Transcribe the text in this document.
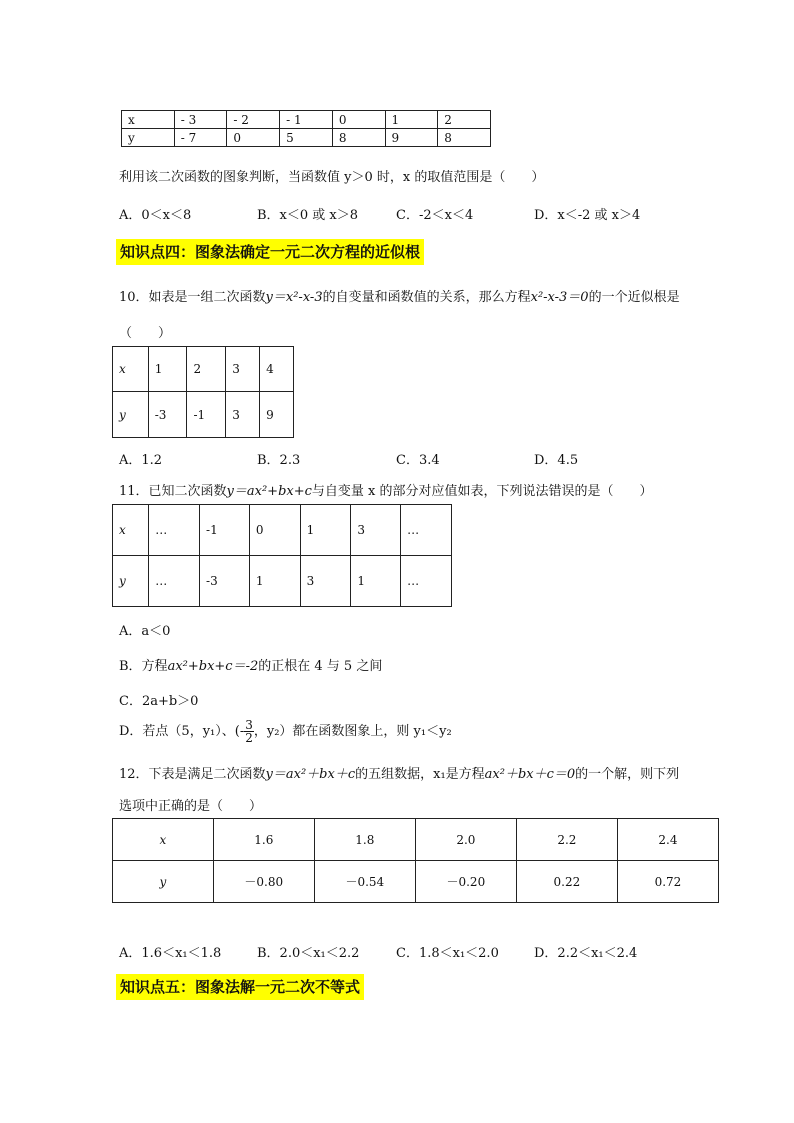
x	- 3	- 2	- 1	0	1	2
y	- 7	0	5	8	9	8
利用该二次函数的图象判断，当函数值 y＞0 时，x 的取值范围是（　　）
A．0＜x＜8	B．x＜0 或 x＞8	C．-2＜x＜4	D．x＜-2 或 x＞4
知识点四：图象法确定一元二次方程的近似根
10．如表是一组二次函数y＝x²-x-3的自变量和函数值的关系，那么方程x²-x-3＝0的一个近似根是
（　　）
x	1	2	3	4
y	-3	-1	3	9
A．1.2	B．2.3	C．3.4	D．4.5
11．已知二次函数y＝ax²+bx+c与自变量 x 的部分对应值如表，下列说法错误的是（　　）
x	…	-1	0	1	3	…
y	…	-3	1	3	1	…
A．a＜0
B．方程ax²+bx+c＝-2的正根在 4 与 5 之间
C．2a+b＞0
D．若点（5，y₁）、(- $\frac{3}{2}$ ，y₂）都在函数图象上，则 y₁＜y₂
12．下表是满足二次函数y＝ax²＋bx＋c的五组数据，x₁是方程ax²＋bx＋c＝0的一个解，则下列
选项中正确的是（　　）
x	1.6	1.8	2.0	2.2	2.4
y	－0.80	－0.54	－0.20	0.22	0.72
A．1.6＜x₁＜1.8	B．2.0＜x₁＜2.2	C．1.8＜x₁＜2.0	D．2.2＜x₁＜2.4
知识点五：图象法解一元二次不等式
